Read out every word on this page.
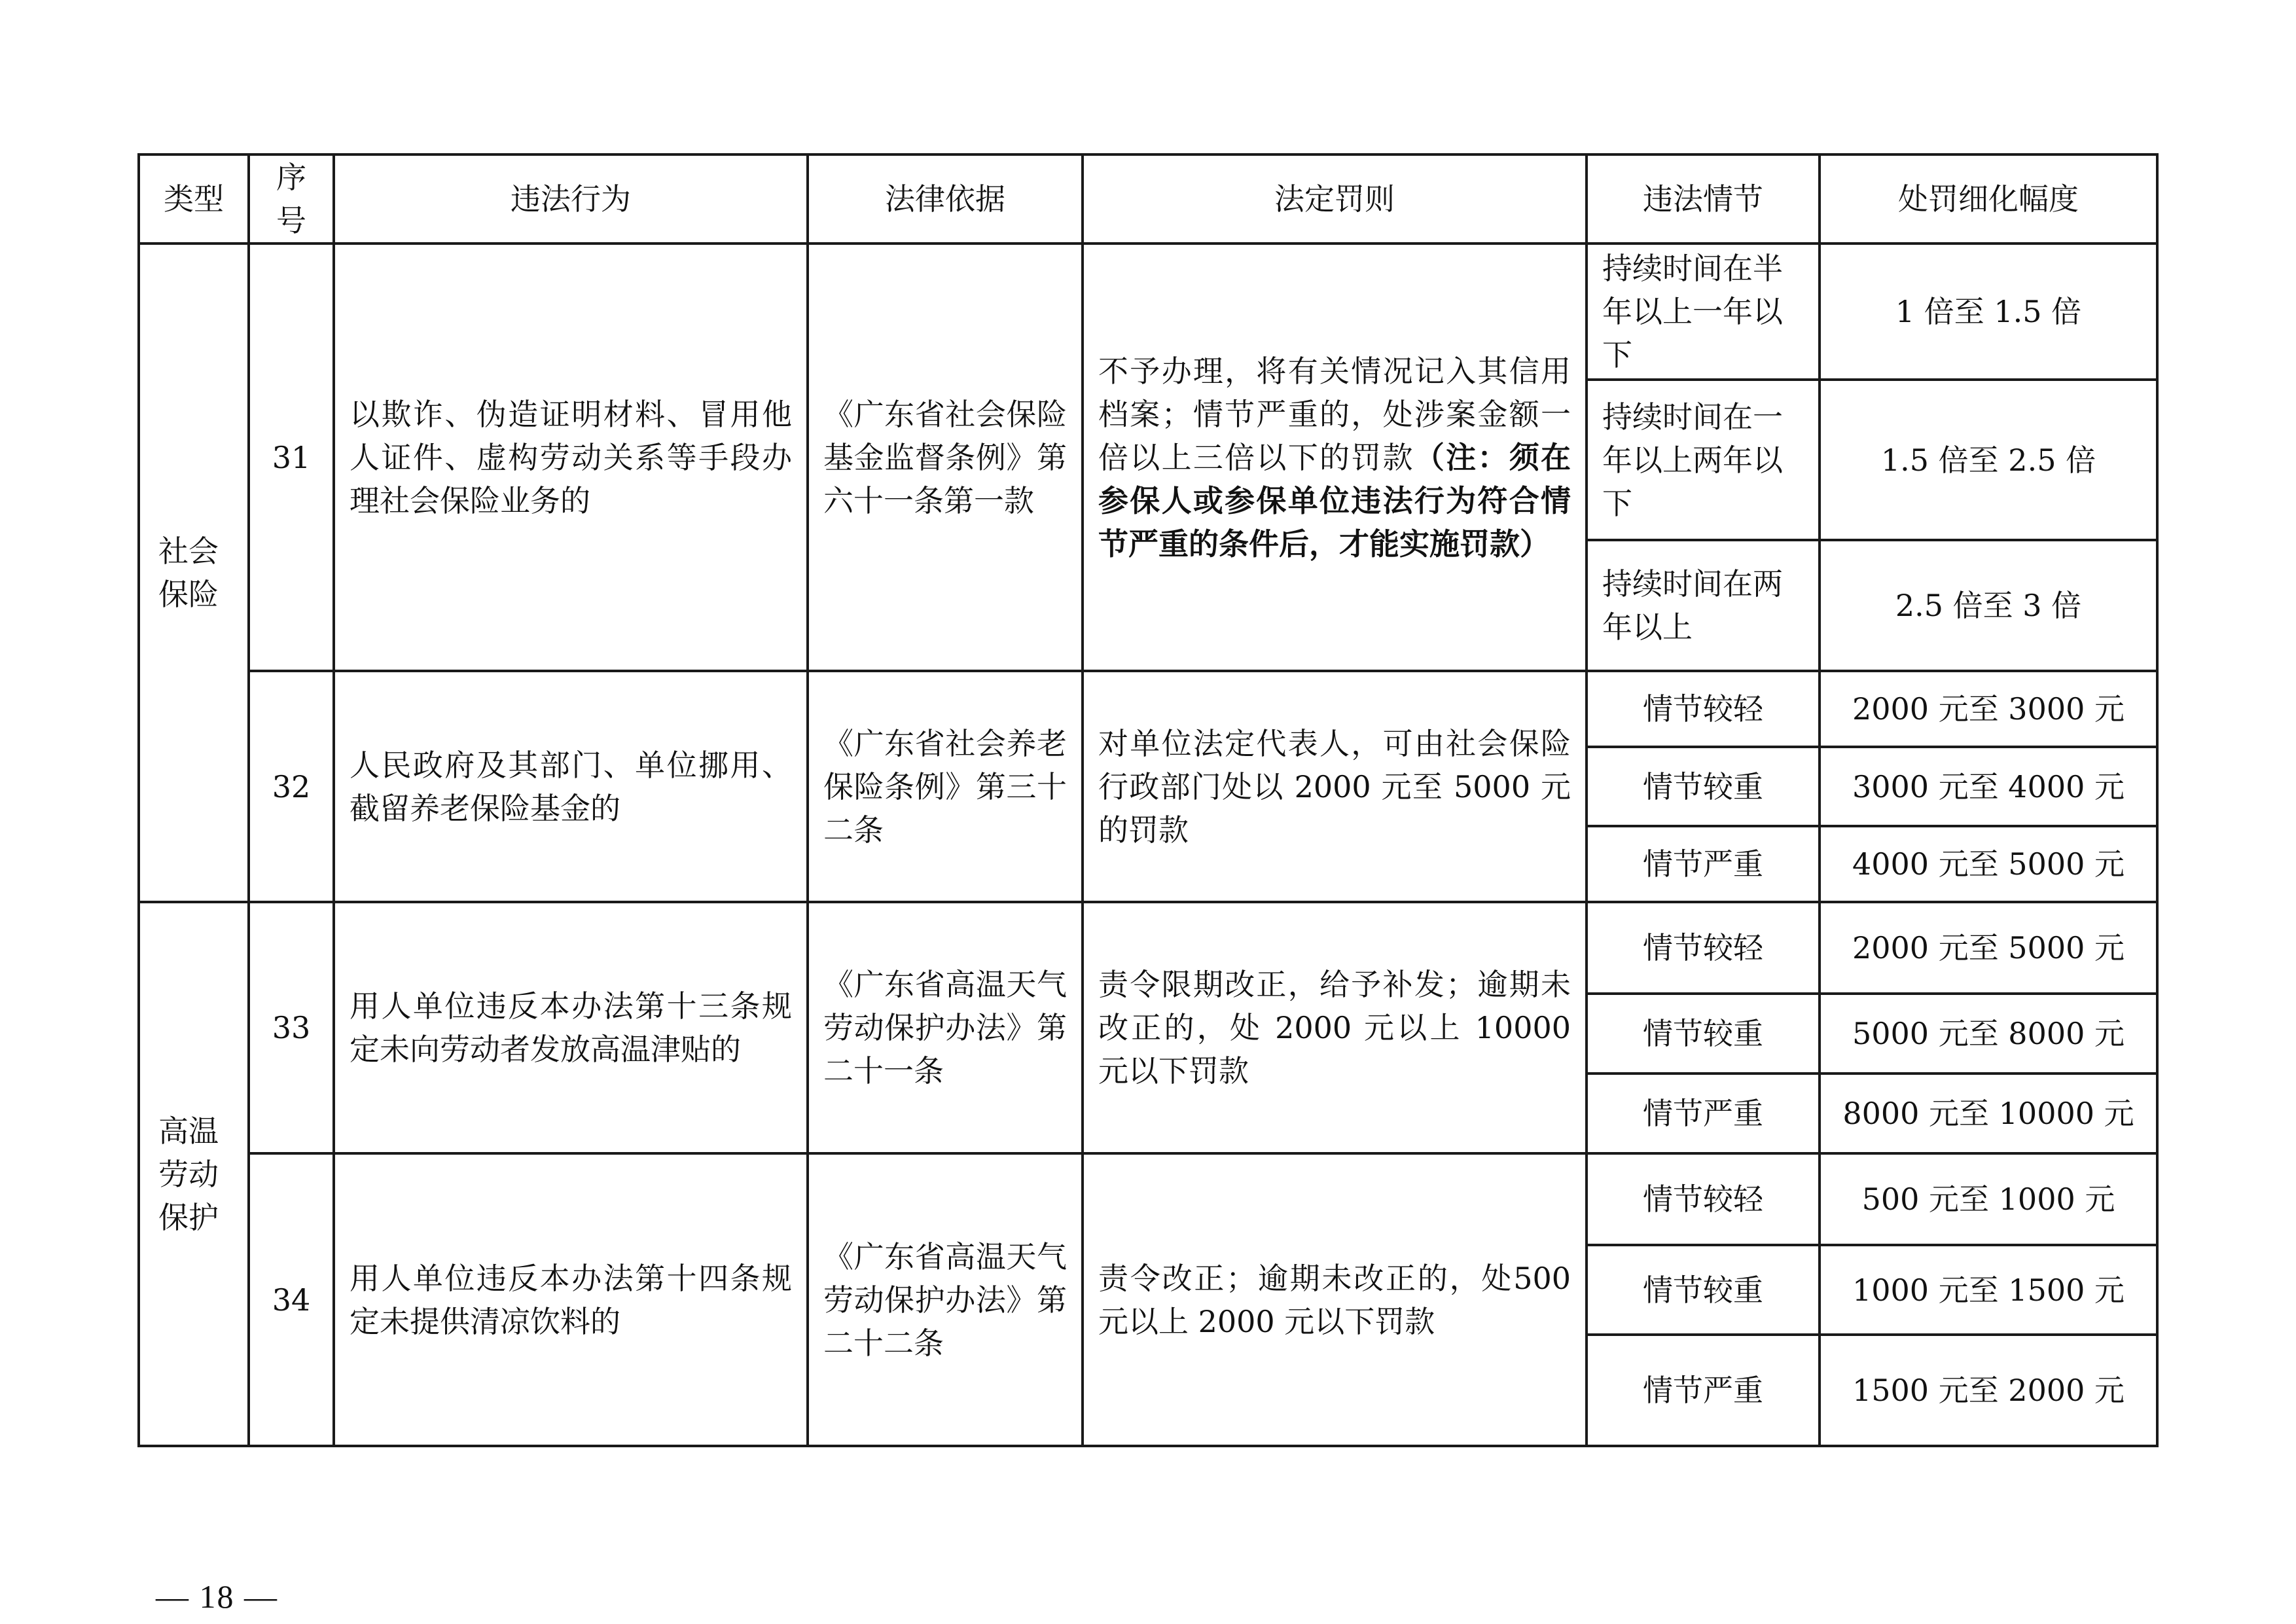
类型	序号	违法行为	法律依据	法定罚则	违法情节	处罚细化幅度

社会
保险	31	以欺诈、伪造证明材料、冒用他人证件、虚构劳动关系等手段办理社会保险业务的	《广东省社会保险基金监督条例》第六十一条第一款	不予办理，将有关情况记入其信用档案；情节严重的，处涉案金额一倍以上三倍以下的罚款（注：须在参保人或参保单位违法行为符合情节严重的条件后，才能实施罚款）	持续时间在半年以上一年以下	1 倍至 1.5 倍
					持续时间在一年以上两年以下	1.5 倍至 2.5 倍
					持续时间在两年以上	2.5 倍至 3 倍
	32	人民政府及其部门、单位挪用、截留养老保险基金的	《广东省社会养老保险条例》第三十二条	对单位法定代表人，可由社会保险行政部门处以 2000 元至 5000 元的罚款	情节较轻	2000 元至 3000 元
					情节较重	3000 元至 4000 元
					情节严重	4000 元至 5000 元

高温
劳动
保护	33	用人单位违反本办法第十三条规定未向劳动者发放高温津贴的	《广东省高温天气劳动保护办法》第二十一条	责令限期改正，给予补发；逾期未改正的，处 2000 元以上 10000 元以下罚款	情节较轻	2000 元至 5000 元
					情节较重	5000 元至 8000 元
					情节严重	8000 元至 10000 元
	34	用人单位违反本办法第十四条规定未提供清凉饮料的	《广东省高温天气劳动保护办法》第二十二条	责令改正；逾期未改正的，处500 元以上 2000 元以下罚款	情节较轻	500 元至 1000 元
					情节较重	1000 元至 1500 元
					情节严重	1500 元至 2000 元
— 18 —
